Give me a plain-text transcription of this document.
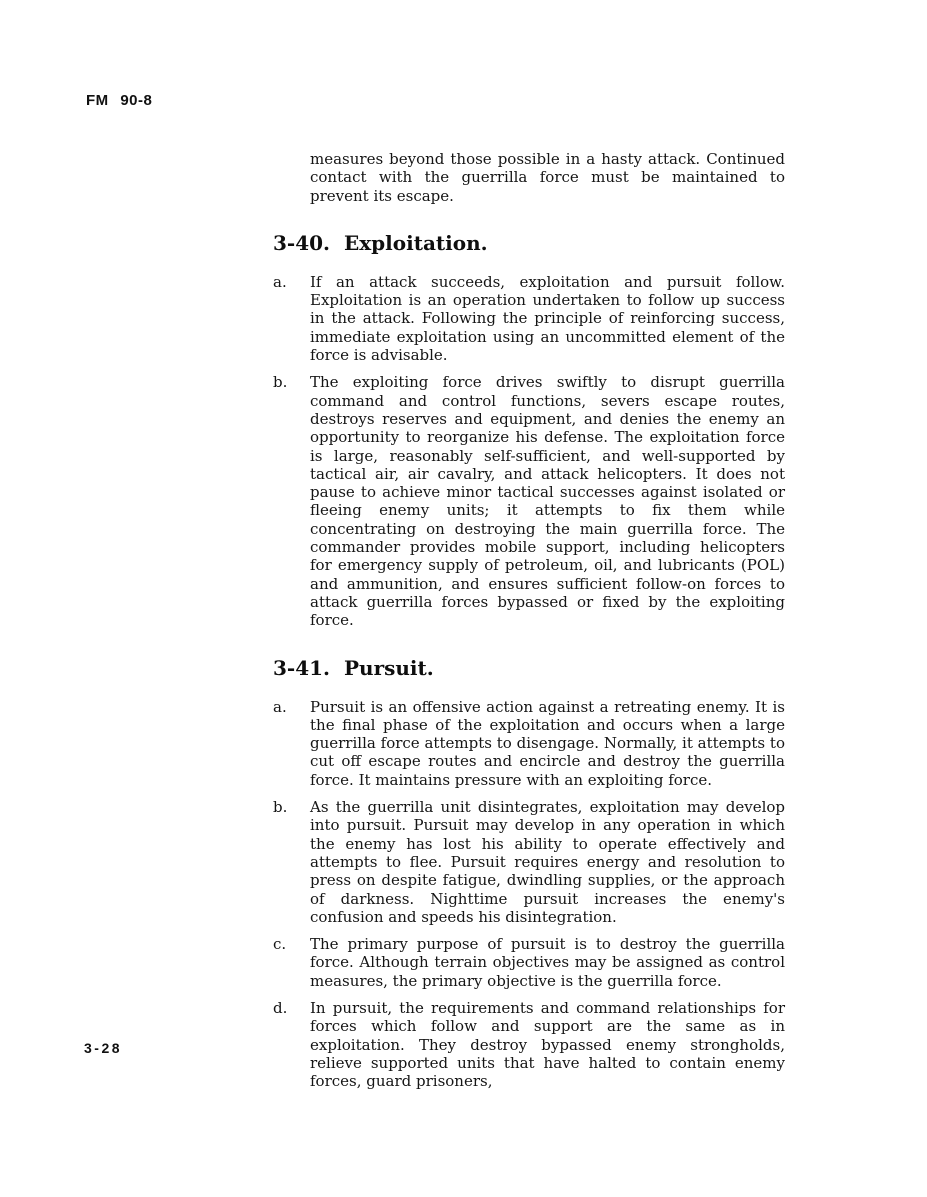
FM 90-8

measures beyond those possible in a hasty attack. Continued contact with the guerrilla force must be maintained to prevent its escape.

3-40. Exploitation.
a.	If an attack succeeds, exploitation and pursuit follow. Exploitation is an operation undertaken to follow up success in the attack. Following the principle of reinforcing success, immediate exploitation using an uncommitted element of the force is advisable.

b.	The exploiting force drives swiftly to disrupt guerrilla command and control functions, severs escape routes, destroys reserves and equipment, and denies the enemy an opportunity to reorganize his defense. The exploitation force is large, reasonably self-sufficient, and well-supported by tactical air, air cavalry, and attack helicopters. It does not pause to achieve minor tactical successes against isolated or fleeing enemy units; it attempts to fix them while concentrating on destroying the main guerrilla force. The commander provides mobile support, including helicopters for emergency supply of petroleum, oil, and lubricants (POL) and ammunition, and ensures sufficient follow-on forces to attack guerrilla forces bypassed or fixed by the exploiting force.

3-41. Pursuit.
a.	Pursuit is an offensive action against a retreating enemy. It is the final phase of the exploitation and occurs when a large guerrilla force attempts to disengage. Normally, it attempts to cut off escape routes and encircle and destroy the guerrilla force. It maintains pressure with an exploiting force.

b.	As the guerrilla unit disintegrates, exploitation may develop into pursuit. Pursuit may develop in any operation in which the enemy has lost his ability to operate effectively and attempts to flee. Pursuit requires energy and resolution to press on despite fatigue, dwindling supplies, or the approach of darkness. Nighttime pursuit increases the enemy's confusion and speeds his disintegration.

c.	The primary purpose of pursuit is to destroy the guerrilla force. Although terrain objectives may be assigned as control measures, the primary objective is the guerrilla force.

d.	In pursuit, the requirements and command relationships for forces which follow and support are the same as in exploitation. They destroy bypassed enemy strongholds, relieve supported units that have halted to contain enemy forces, guard prisoners,

3-28
